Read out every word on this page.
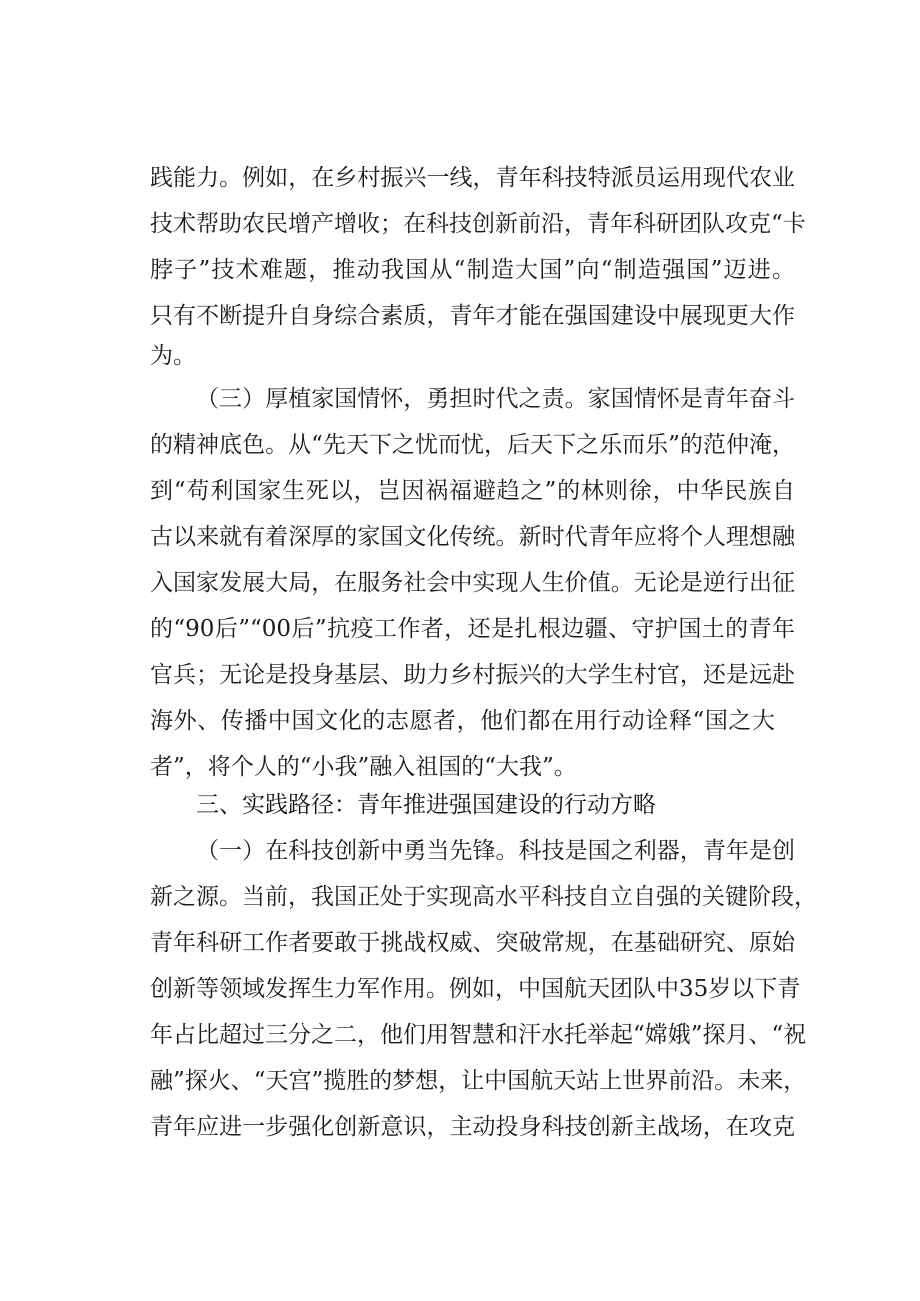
践能力。例如，在乡村振兴一线，青年科技特派员运用现代农业
技术帮助农民增产增收；在科技创新前沿，青年科研团队攻克“卡
脖子”技术难题，推动我国从“制造大国”向“制造强国”迈进。
只有不断提升自身综合素质，青年才能在强国建设中展现更大作
为。
（三）厚植家国情怀，勇担时代之责。家国情怀是青年奋斗
的精神底色。从“先天下之忧而忧，后天下之乐而乐”的范仲淹，
到“苟利国家生死以，岂因祸福避趋之”的林则徐，中华民族自
古以来就有着深厚的家国文化传统。新时代青年应将个人理想融
入国家发展大局，在服务社会中实现人生价值。无论是逆行出征
的“90后”“00后”抗疫工作者，还是扎根边疆、守护国土的青年
官兵；无论是投身基层、助力乡村振兴的大学生村官，还是远赴
海外、传播中国文化的志愿者，他们都在用行动诠释“国之大
者”，将个人的“小我”融入祖国的“大我”。
三、实践路径：青年推进强国建设的行动方略
（一）在科技创新中勇当先锋。科技是国之利器，青年是创
新之源。当前，我国正处于实现高水平科技自立自强的关键阶段，
青年科研工作者要敢于挑战权威、突破常规，在基础研究、原始
创新等领域发挥生力军作用。例如，中国航天团队中35岁以下青
年占比超过三分之二，他们用智慧和汗水托举起“嫦娥”探月、“祝
融”探火、“天宫”揽胜的梦想，让中国航天站上世界前沿。未来，
青年应进一步强化创新意识，主动投身科技创新主战场，在攻克
